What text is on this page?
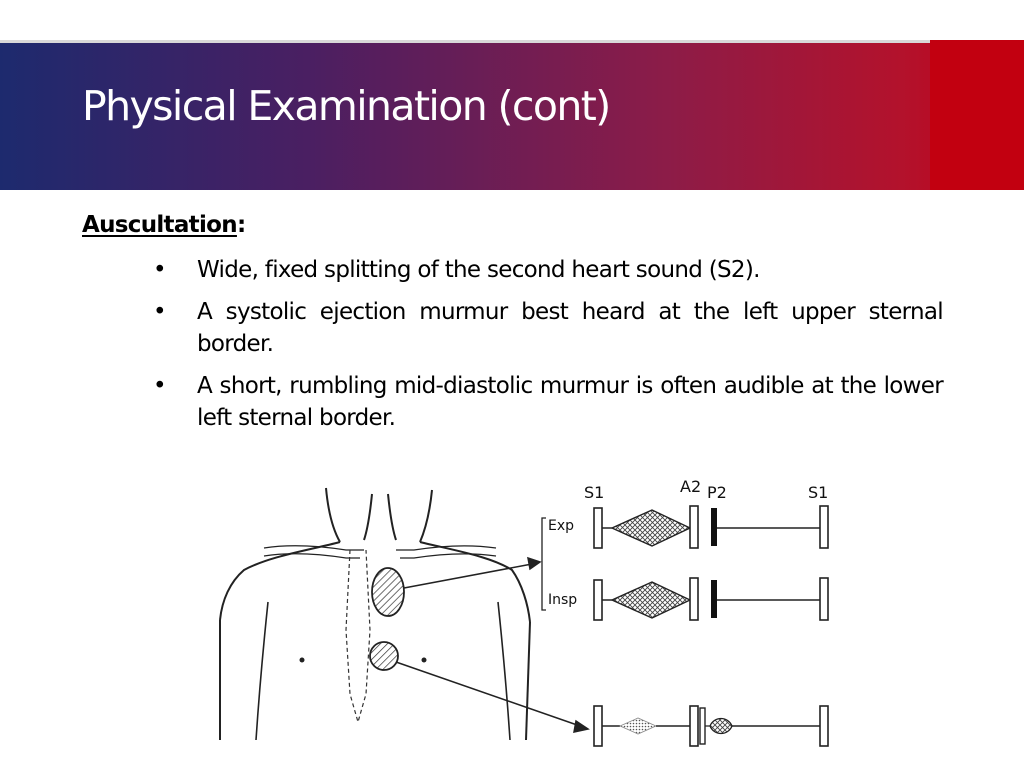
Physical Examination (cont)
Auscultation:
• Wide, fixed splitting of the second heart sound (S2).
• A systolic ejection murmur best heard at the left upper sternal border.
• A short, rumbling mid-diastolic murmur is often audible at the lower left sternal border.
S1	A2 P2	S1
Exp
Insp
